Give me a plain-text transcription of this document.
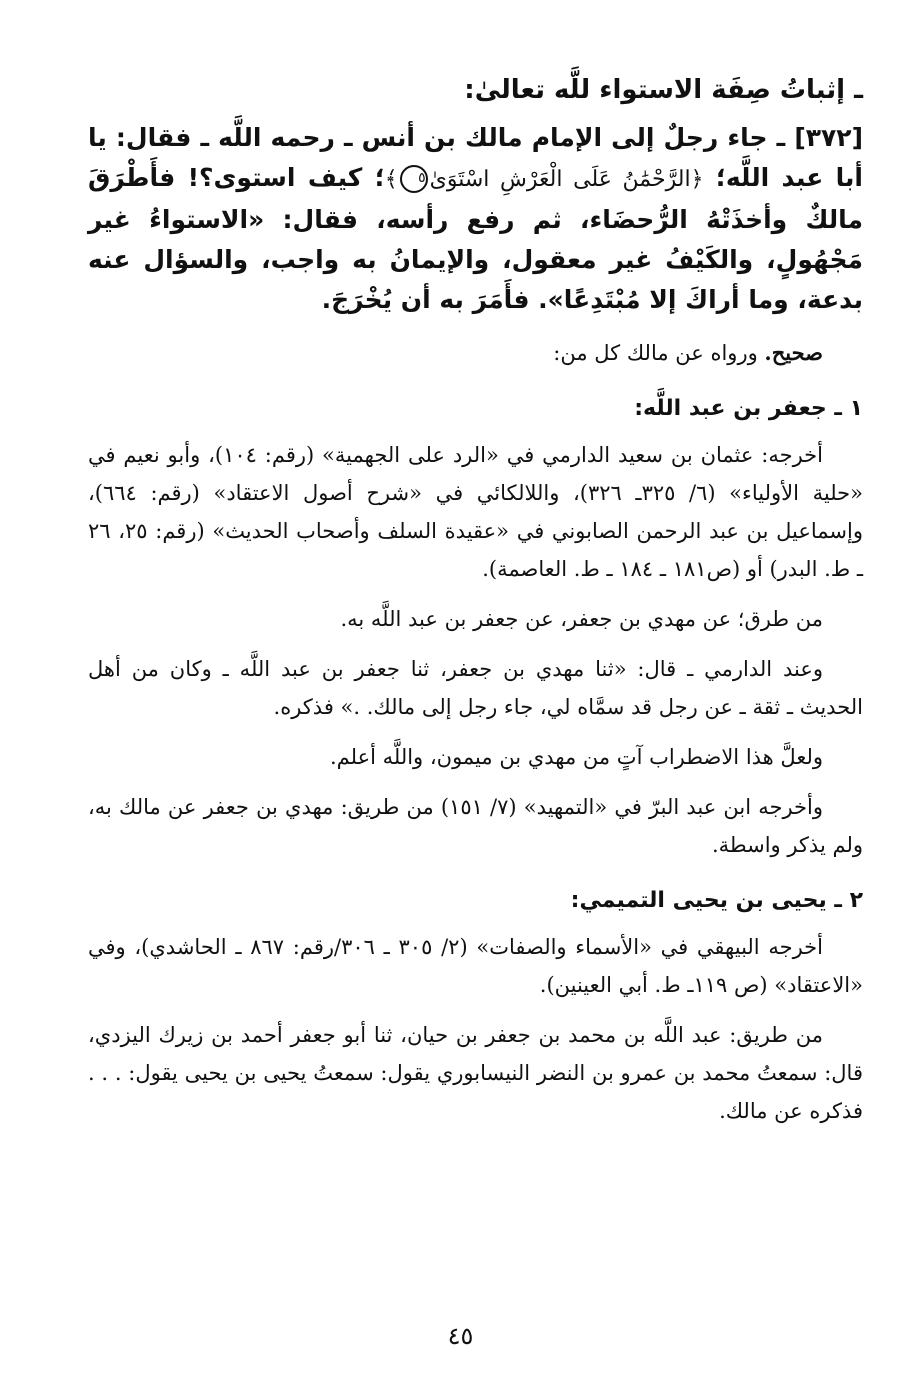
ـ إثباتُ صِفَة الاستواء للَّه تعالىٰ:
[٣٧٢] ـ جاء رجلٌ إلى الإمام مالك بن أنس ـ رحمه اللَّه ـ فقال: يا أبا عبد اللَّه؛ ﴿الرَّحْمَٰنُ عَلَى الْعَرْشِ اسْتَوَىٰ٥﴾؛ كيف استوى؟! فأَطْرَقَ مالكٌ وأخذَتْهُ الرُّحضَاء، ثم رفع رأسه، فقال: «الاستواءُ غير مَجْهُولٍ، والكَيْفُ غير معقول، والإيمانُ به واجب، والسؤال عنه بدعة، وما أراكَ إلا مُبْتَدِعًا». فأَمَرَ به أن يُخْرَجَ.
صحيح. ورواه عن مالك كل من:
١ ـ جعفر بن عبد اللَّه:
أخرجه: عثمان بن سعيد الدارمي في «الرد على الجهمية» (رقم: ١٠٤)، وأبو نعيم في «حلية الأولياء» (٦/ ٣٢٥ـ ٣٢٦)، واللالكائي في «شرح أصول الاعتقاد» (رقم: ٦٦٤)، وإسماعيل بن عبد الرحمن الصابوني في «عقيدة السلف وأصحاب الحديث» (رقم: ٢٥، ٢٦ ـ ط. البدر) أو (ص١٨١ ـ ١٨٤ ـ ط. العاصمة).
من طرق؛ عن مهدي بن جعفر، عن جعفر بن عبد اللَّه به.
وعند الدارمي ـ قال: «ثنا مهدي بن جعفر، ثنا جعفر بن عبد اللَّه ـ وكان من أهل الحديث ـ ثقة ـ عن رجل قد سمَّاه لي، جاء رجل إلى مالك. .» فذكره.
ولعلَّ هذا الاضطراب آتٍ من مهدي بن ميمون، واللَّه أعلم.
وأخرجه ابن عبد البرّ في «التمهيد» (٧/ ١٥١) من طريق: مهدي بن جعفر عن مالك به، ولم يذكر واسطة.
٢ ـ يحيى بن يحيى التميمي:
أخرجه البيهقي في «الأسماء والصفات» (٢/ ٣٠٥ ـ ٣٠٦/رقم: ٨٦٧ ـ الحاشدي)، وفي «الاعتقاد» (ص ١١٩ـ ط. أبي العينين).
من طريق: عبد اللَّه بن محمد بن جعفر بن حيان، ثنا أبو جعفر أحمد بن زيرك اليزدي، قال: سمعتُ محمد بن عمرو بن النضر النيسابوري يقول: سمعتُ يحيى بن يحيى يقول: . . . فذكره عن مالك.
٤٥
